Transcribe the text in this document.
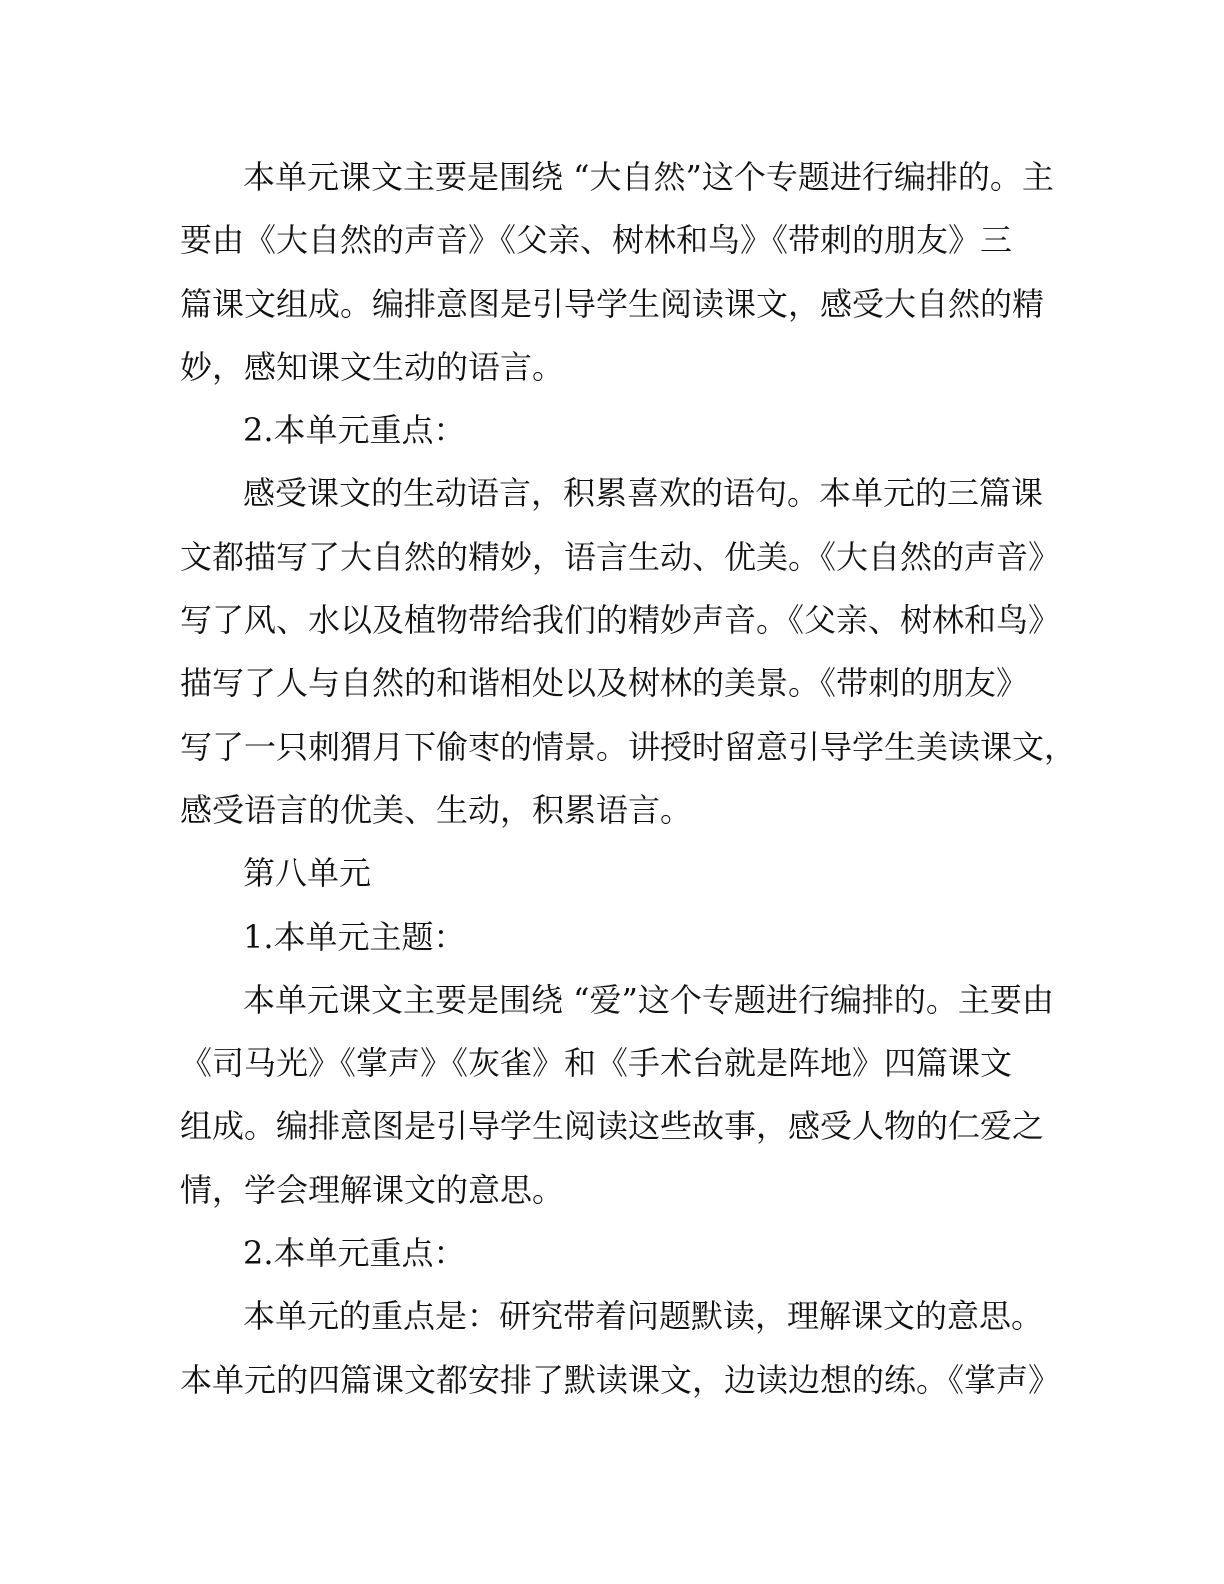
本单元课文主要是围绕 “大自然”这个专题进行编排的。主
要由《大自然的声音》《父亲、树林和鸟》《带刺的朋友》三
篇课文组成。编排意图是引导学生阅读课文，感受大自然的精
妙，感知课文生动的语言。
2.本单元重点：
感受课文的生动语言，积累喜欢的语句。本单元的三篇课
文都描写了大自然的精妙，语言生动、优美。《大自然的声音》
写了风、水以及植物带给我们的精妙声音。《父亲、树林和鸟》
描写了人与自然的和谐相处以及树林的美景。《带刺的朋友》
写了一只刺猬月下偷枣的情景。讲授时留意引导学生美读课文，
感受语言的优美、生动，积累语言。
第八单元
1.本单元主题：
本单元课文主要是围绕 “爱”这个专题进行编排的。主要由
《司马光》《掌声》《灰雀》和《手术台就是阵地》四篇课文
组成。编排意图是引导学生阅读这些故事，感受人物的仁爱之
情，学会理解课文的意思。
2.本单元重点：
本单元的重点是：研究带着问题默读，理解课文的意思。
本单元的四篇课文都安排了默读课文，边读边想的练。《掌声》
